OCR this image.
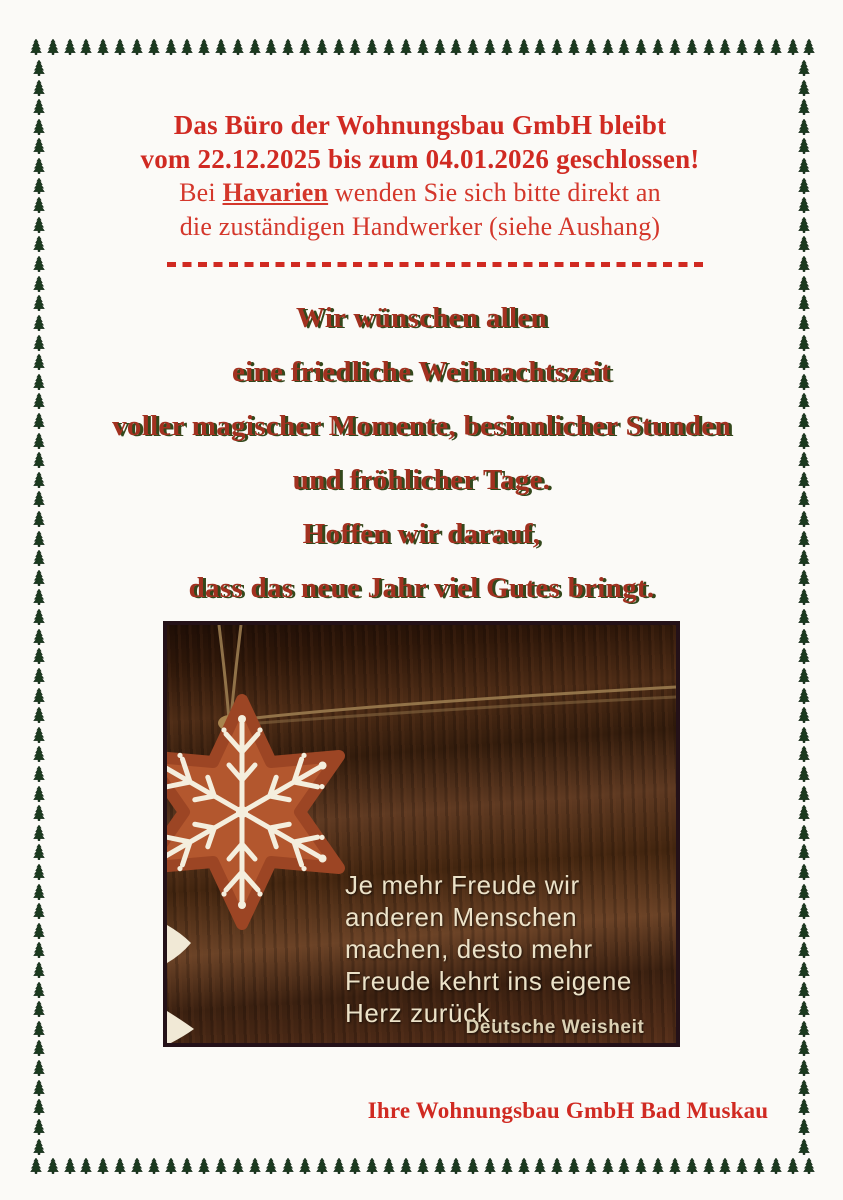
Das Büro der Wohnungsbau GmbH bleibt
vom 22.12.2025 bis zum 04.01.2026 geschlossen!
Bei Havarien wenden Sie sich bitte direkt an
die zuständigen Handwerker (siehe Aushang)
Wir wünschen allen
eine friedliche Weihnachtszeit
voller magischer Momente, besinnlicher Stunden
und fröhlicher Tage.
Hoffen wir darauf,
dass das neue Jahr viel Gutes bringt.
Je mehr Freude wir
anderen Menschen
machen, desto mehr
Freude kehrt ins eigene
Herz zurück.
Deutsche Weisheit
Ihre Wohnungsbau GmbH Bad Muskau
